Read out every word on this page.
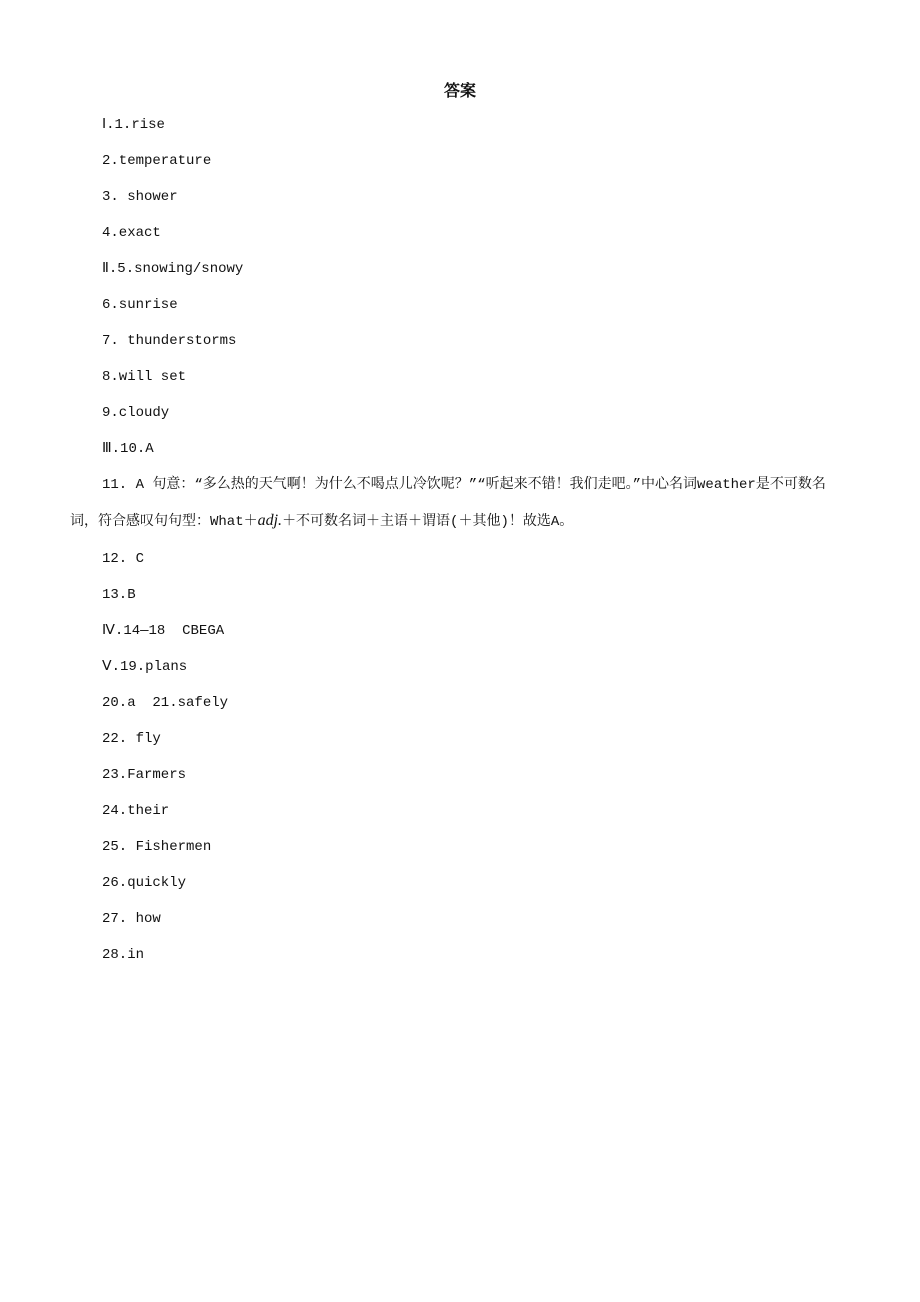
答案
Ⅰ.1.rise
2.temperature
3. shower
4.exact
Ⅱ.5.snowing/snowy
6.sunrise
7. thunderstorms
8.will set
9.cloudy
Ⅲ.10.A
11. A 句意：“多么热的天气啊！为什么不喝点儿冷饮呢？”“听起来不错！我们走吧。”中心名词weather是不可数名词，符合感叹句句型：What＋adj.＋不可数名词＋主语＋谓语(＋其他)！故选A。
12. C
13.B
Ⅳ.14—18  CBEGA
Ⅴ.19.plans
20.a  21.safely
22. fly
23.Farmers
24.their
25. Fishermen
26.quickly
27. how
28.in
